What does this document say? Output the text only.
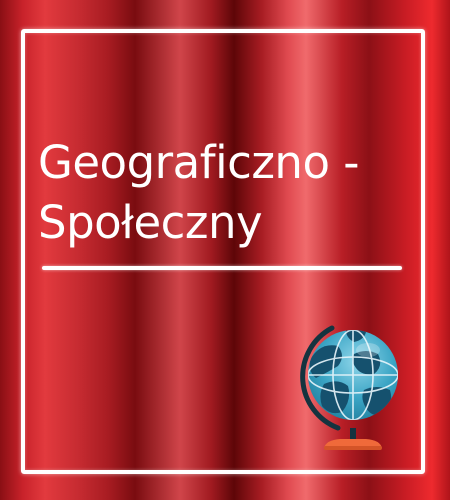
Geograficzno -
Społeczny
